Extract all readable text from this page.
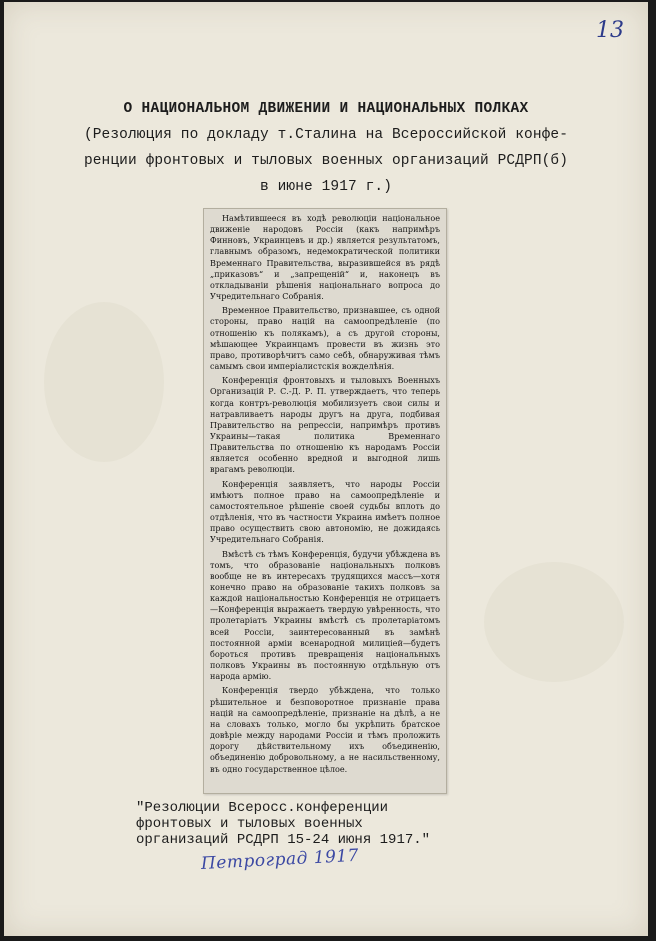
13
О НАЦИОНАЛЬНОМ ДВИЖЕНИИ И НАЦИОНАЛЬНЫХ ПОЛКАХ
(Резолюция по докладу т.Сталина на Всероссийской конфе-
ренции фронтовых и тыловых военных организаций РСДРП(б)
в июне 1917 г.)

Намѣтившееся въ ходѣ революціи національное движеніе народовъ Россіи (какъ напримѣръ Финновъ, Украинцевъ и др.) является результатомъ, главнымъ образомъ, недемократической политики Временнаго Правительства, выразившейся въ рядѣ „приказовъ“ и „запрещеній“ и, наконецъ въ откладываніи рѣшенія національнаго вопроса до Учредительнаго Собранія.

Временное Правительство, признавшее, съ одной стороны, право націй на самоопредѣленіе (по отношенію къ полякамъ), а съ другой стороны, мѣшающее Украинцамъ провести въ жизнь это право, противорѣчитъ само себѣ, обнаруживая тѣмъ самымъ свои имперіалистскія вожделѣнія.

Конференція фронтовыхъ и тыловыхъ Военныхъ Организацій Р. С.-Д. Р. П. утверждаетъ, что теперь когда контръ-революція мобилизуетъ свои силы и натравливаетъ народы другъ на друга, подбивая Правительство на репрессіи, напримѣръ противъ Украины—такая политика Временнаго Правительства по отношенію къ народамъ Россіи является особенно вредной и выгодной лишь врагамъ революціи.

Конференція заявляетъ, что народы Россіи имѣютъ полное право на самоопредѣленіе и самостоятельное рѣшеніе своей судьбы вплоть до отдѣленія, что въ частности Украина имѣетъ полное право осуществить свою автономію, не дожидаясь Учредительнаго Собранія.

Вмѣстѣ съ тѣмъ Конференція, будучи убѣждена въ томъ, что образованіе національныхъ полковъ вообще не въ интересахъ трудящихся массъ—хотя конечно право на образованіе такихъ полковъ за каждой національностью Конференція не отрицаетъ—Конференція выражаетъ твердую увѣренность, что пролетаріатъ Украины вмѣстѣ съ пролетаріатомъ всей Россіи, заинтересованный въ замѣнѣ постоянной арміи всенародной милиціей—будетъ бороться противъ превращенія національныхъ полковъ Украины въ постоянную отдѣльную отъ народа армію.

Конференція твердо убѣждена, что только рѣшительное и безповоротное признаніе права націй на самоопредѣленіе, признаніе на дѣлѣ, а не на словахъ только, могло бы укрѣпить братское довѣріе между народами Россіи и тѣмъ проложить дорогу дѣйствительному ихъ объединенію, объединенію добровольному, а не насильственному, въ одно государственное цѣлое.

"Резолюции Всеросс.конференции
фронтовых и тыловых военных
организаций РСДРП 15-24 июня 1917."
Петроград 1917
